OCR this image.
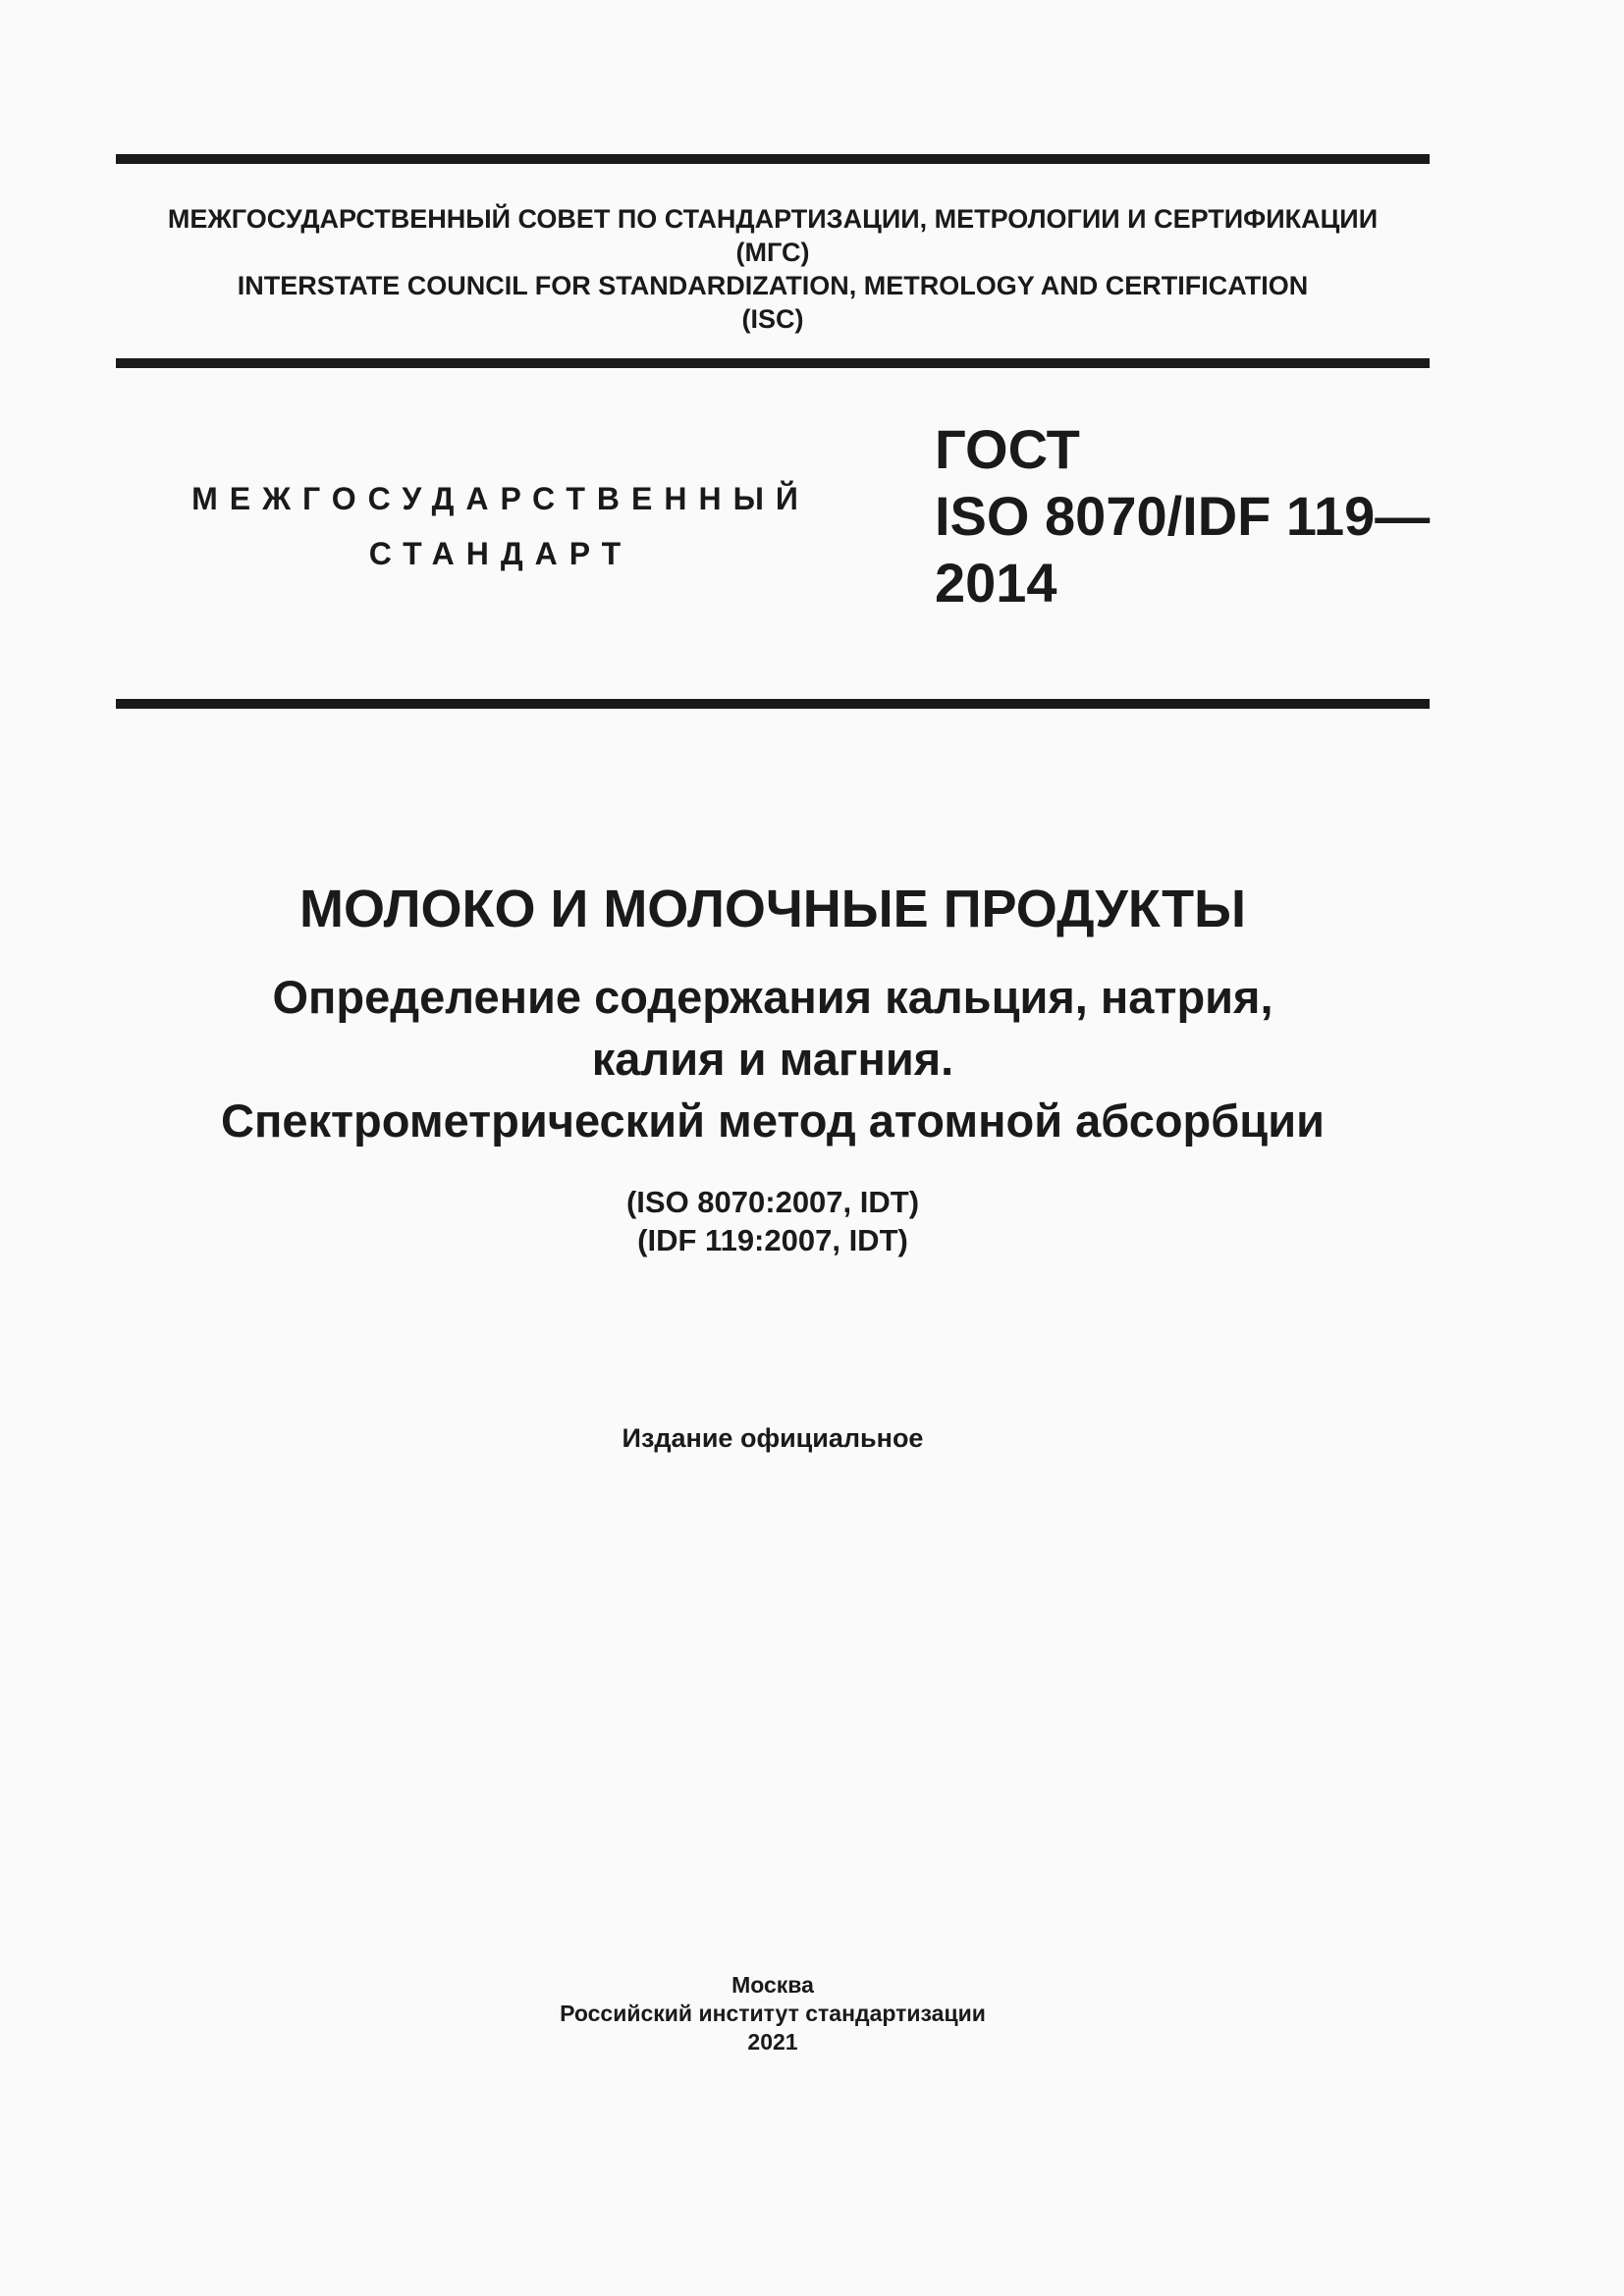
МЕЖГОСУДАРСТВЕННЫЙ СОВЕТ ПО СТАНДАРТИЗАЦИИ, МЕТРОЛОГИИ И СЕРТИФИКАЦИИ
(МГС)
INTERSTATE COUNCIL FOR STANDARDIZATION, METROLOGY AND CERTIFICATION
(ISC)
МЕЖГОСУДАРСТВЕННЫЙ
СТАНДАРТ
ГОСТ
ISO 8070/IDF 119—
2014
МОЛОКО И МОЛОЧНЫЕ ПРОДУКТЫ
Определение содержания кальция, натрия,
калия и магния.
Спектрометрический метод атомной абсорбции
(ISO 8070:2007, IDT)
(IDF 119:2007, IDT)
Издание официальное
Москва
Российский институт стандартизации
2021
